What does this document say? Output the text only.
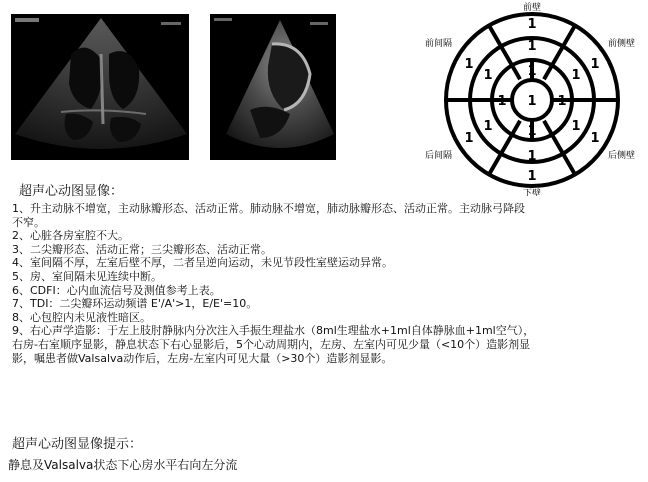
1
1
1
1
1
1
1
1
1
1
1
1	1
1
1
1 1
前壁
前间隔	前侧壁
后间隔	后侧壁
下壁
超声心动图显像：
1、升主动脉不增宽，主动脉瓣形态、活动正常。肺动脉不增宽，肺动脉瓣形态、活动正常。主动脉弓降段
不窄。
2、心脏各房室腔不大。
3、二尖瓣形态、活动正常；三尖瓣形态、活动正常。
4、室间隔不厚，左室后壁不厚，二者呈逆向运动，未见节段性室壁运动异常。
5、房、室间隔未见连续中断。
6、CDFI：心内血流信号及测值参考上表。
7、TDI：二尖瓣环运动频谱 E'/A'>1，E/E'=10。
8、心包腔内未见液性暗区。
9、右心声学造影：于左上肢肘静脉内分次注入手振生理盐水（8ml生理盐水+1ml自体静脉血+1ml空气），
右房-右室顺序显影，静息状态下右心显影后，5个心动周期内，左房、左室内可见少量（<10个）造影剂显
影，嘱患者做Valsalva动作后，左房-左室内可见大量（>30个）造影剂显影。
超声心动图显像提示：
静息及Valsalva状态下心房水平右向左分流
